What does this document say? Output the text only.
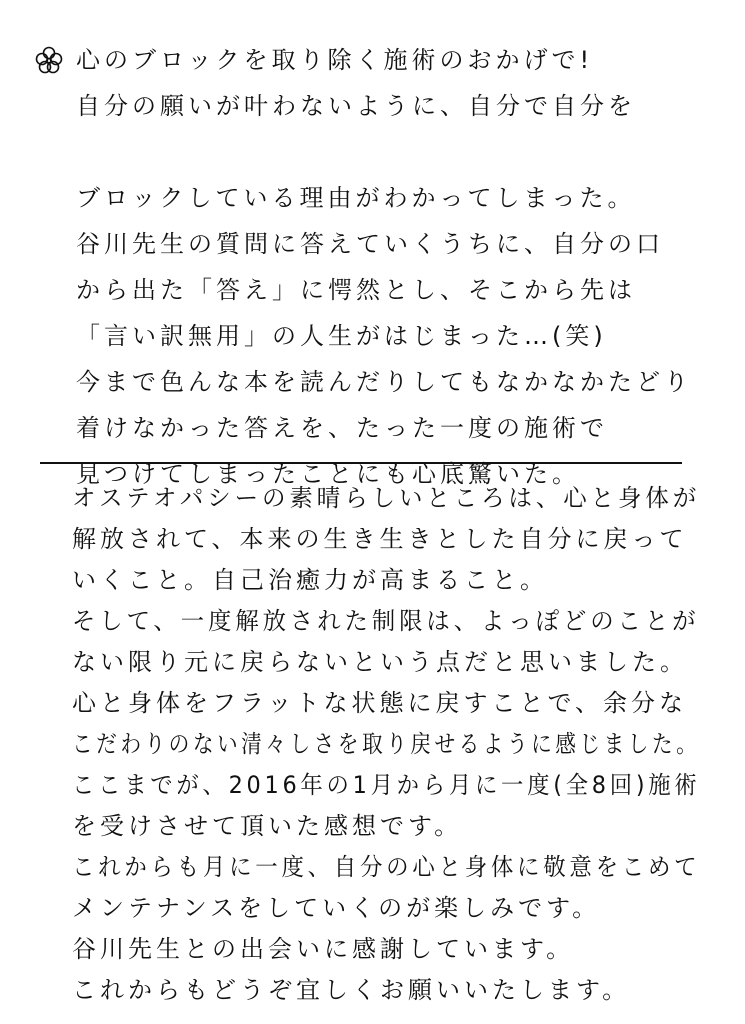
心のブロックを取り除く施術のおかげで!
自分の願いが叶わないように、自分で自分を
ブロックしている理由がわかってしまった。
谷川先生の質問に答えていくうちに、自分の口
から出た「答え」に愕然とし、そこから先は
「言い訳無用」の人生がはじまった…(笑)
今まで色んな本を読んだりしてもなかなかたどり
着けなかった答えを、たった一度の施術で
見つけてしまったことにも心底驚いた。
オステオパシーの素晴らしいところは、心と身体が
解放されて、本来の生き生きとした自分に戻って
いくこと。自己治癒力が高まること。
そして、一度解放された制限は、よっぽどのことが
ない限り元に戻らないという点だと思いました。
心と身体をフラットな状態に戻すことで、余分な
こだわりのない清々しさを取り戻せるように感じました。
ここまでが、2016年の1月から月に一度(全8回)施術
を受けさせて頂いた感想です。
これからも月に一度、自分の心と身体に敬意をこめて
メンテナンスをしていくのが楽しみです。
谷川先生との出会いに感謝しています。
これからもどうぞ宜しくお願いいたします。
